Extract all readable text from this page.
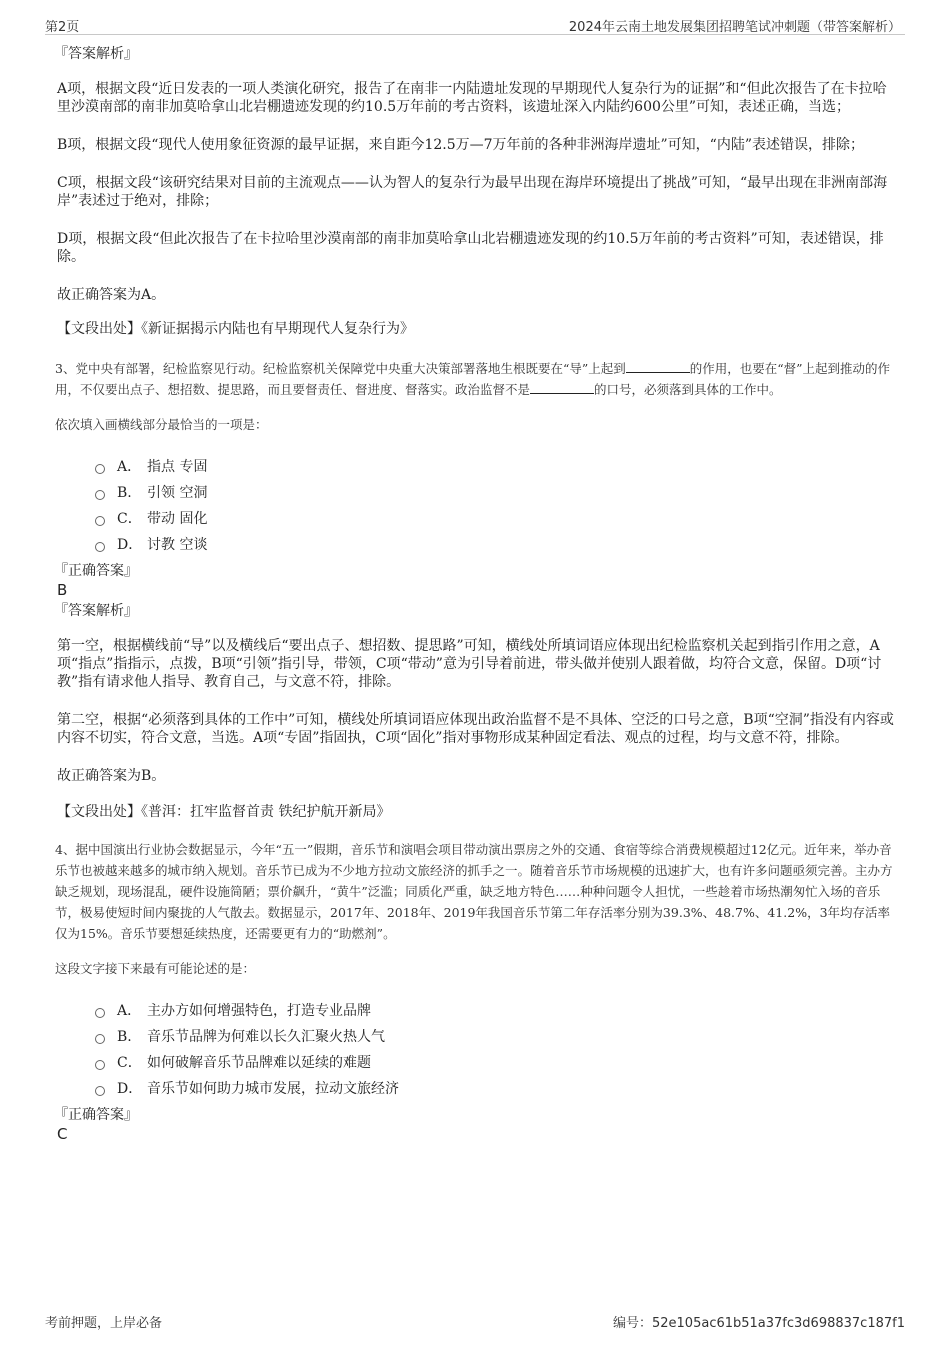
第2页	2024年云南土地发展集团招聘笔试冲刺题（带答案解析）

『答案解析』

A项，根据文段“近日发表的一项人类演化研究，报告了在南非一内陆遗址发现的早期现代人复杂行为的证据”和“但此次报告了在卡拉哈里沙漠南部的南非加莫哈拿山北岩棚遗迹发现的约10.5万年前的考古资料，该遗址深入内陆约600公里”可知，表述正确，当选；

B项，根据文段“现代人使用象征资源的最早证据，来自距今12.5万—7万年前的各种非洲海岸遗址”可知，“内陆”表述错误，排除；

C项，根据文段“该研究结果对目前的主流观点——认为智人的复杂行为最早出现在海岸环境提出了挑战”可知，“最早出现在非洲南部海岸”表述过于绝对，排除；

D项，根据文段“但此次报告了在卡拉哈里沙漠南部的南非加莫哈拿山北岩棚遗迹发现的约10.5万年前的考古资料”可知，表述错误，排除。

故正确答案为A。

【文段出处】《新证据揭示内陆也有早期现代人复杂行为》

3、党中央有部署，纪检监察见行动。纪检监察机关保障党中央重大决策部署落地生根既要在“导”上起到	的作用，也要在“督”上起到推动的作用，不仅要出点子、想招数、提思路，而且要督责任、督进度、督落实。政治监督不是	的口号，必须落到具体的工作中。

依次填入画横线部分最恰当的一项是：

A． 指点 专固
B.	引领 空洞
C． 带动 固化
D． 讨教 空谈

『正确答案』

B

『答案解析』

第一空，根据横线前“导”以及横线后“要出点子、想招数、提思路”可知，横线处所填词语应体现出纪检监察机关起到指引作用之意，A项“指点”指指示，点拨，B项“引领”指引导，带领，C项“带动”意为引导着前进，带头做并使别人跟着做，均符合文意，保留。D项“讨教”指有请求他人指导、教育自己，与文意不符，排除。

第二空，根据“必须落到具体的工作中”可知，横线处所填词语应体现出政治监督不是不具体、空泛的口号之意，B项“空洞”指没有内容或内容不切实，符合文意，当选。A项“专固”指固执，C项“固化”指对事物形成某种固定看法、观点的过程，均与文意不符，排除。

故正确答案为B。

【文段出处】《普洱：扛牢监督首责 铁纪护航开新局》

4、据中国演出行业协会数据显示，今年“五一”假期，音乐节和演唱会项目带动演出票房之外的交通、食宿等综合消费规模超过12亿元。近年来，举办音乐节也被越来越多的城市纳入规划。音乐节已成为不少地方拉动文旅经济的抓手之一。随着音乐节市场规模的迅速扩大，也有许多问题亟须完善。主办方缺乏规划，现场混乱，硬件设施简陋；票价飙升，“黄牛”泛滥；同质化严重，缺乏地方特色……种种问题令人担忧，一些趁着市场热潮匆忙入场的音乐节，极易使短时间内聚拢的人气散去。数据显示，2017年、2018年、2019年我国音乐节第二年存活率分别为39.3%、48.7%、41.2%，3年均存活率仅为15%。音乐节要想延续热度，还需要更有力的“助燃剂”。

这段文字接下来最有可能论述的是：

A． 主办方如何增强特色，打造专业品牌
B.	音乐节品牌为何难以长久汇聚火热人气
C． 如何破解音乐节品牌难以延续的难题
D． 音乐节如何助力城市发展，拉动文旅经济

『正确答案』

C

考前押题，上岸必备	编号：52e105ac61b51a37fc3d698837c187f1
